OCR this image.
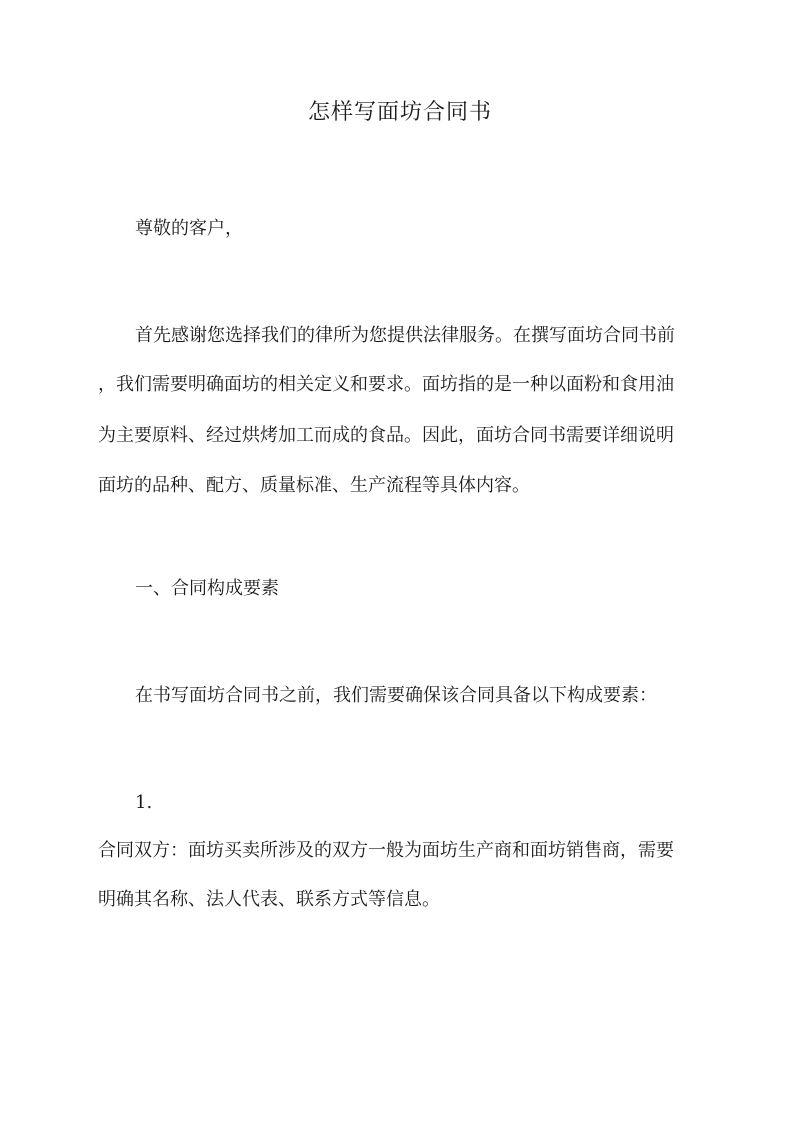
怎样写面坊合同书

尊敬的客户，

首先感谢您选择我们的律所为您提供法律服务。在撰写面坊合同书前

，我们需要明确面坊的相关定义和要求。面坊指的是一种以面粉和食用油

为主要原料、经过烘烤加工而成的食品。因此，面坊合同书需要详细说明

面坊的品种、配方、质量标准、生产流程等具体内容。

一、合同构成要素

在书写面坊合同书之前，我们需要确保该合同具备以下构成要素：

1.

合同双方：面坊买卖所涉及的双方一般为面坊生产商和面坊销售商，需要

明确其名称、法人代表、联系方式等信息。
